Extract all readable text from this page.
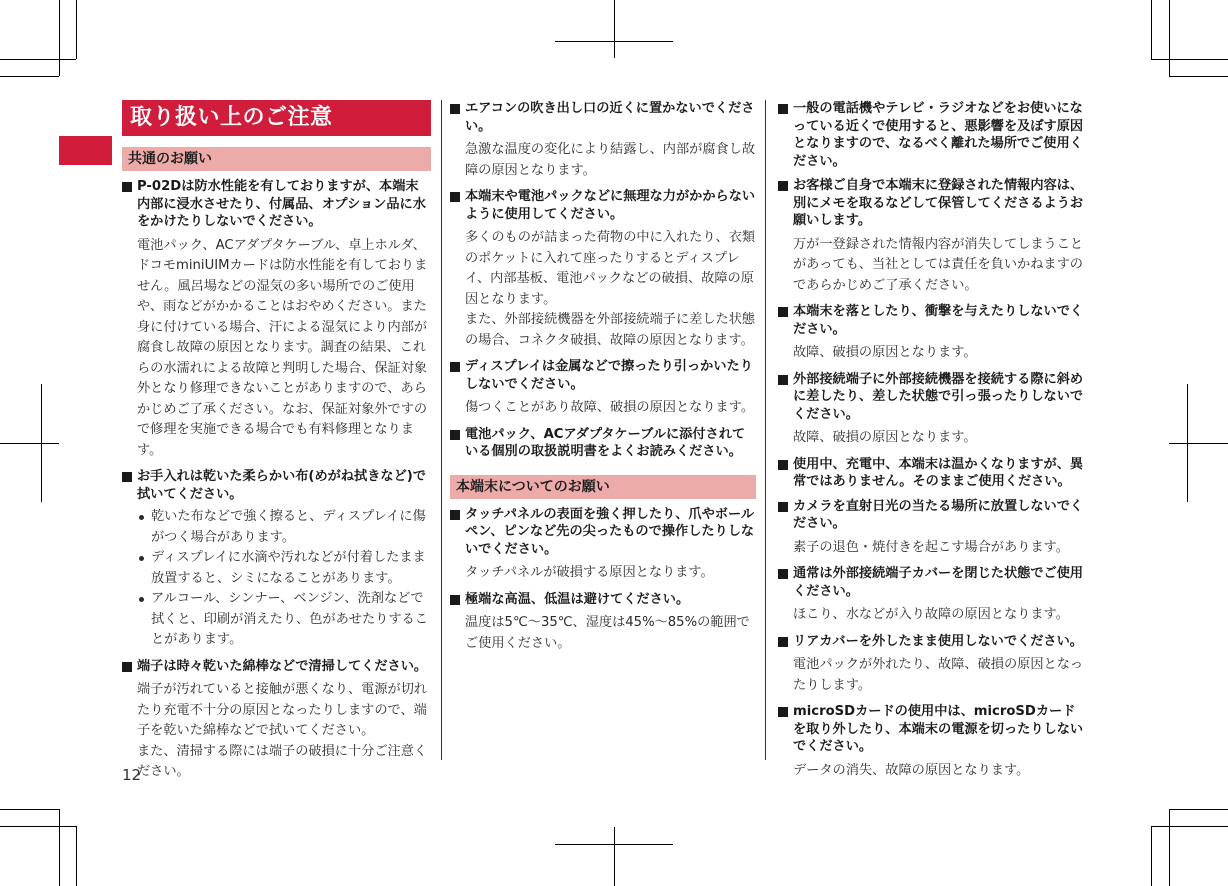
取り扱い上のご注意
共通のお願い
P-02Dは防水性能を有しておりますが、本端末内部に浸水させたり、付属品、オプション品に水をかけたりしないでください。
電池パック、ACアダプタケーブル、卓上ホルダ、ドコモminiUIMカードは防水性能を有しておりません。風呂場などの湿気の多い場所でのご使用や、雨などがかかることはおやめください。また身に付けている場合、汗による湿気により内部が腐食し故障の原因となります。調査の結果、これらの水濡れによる故障と判明した場合、保証対象外となり修理できないことがありますので、あらかじめご了承ください。なお、保証対象外ですので修理を実施できる場合でも有料修理となります。
お手入れは乾いた柔らかい布(めがね拭きなど)で拭いてください。
乾いた布などで強く擦ると、ディスプレイに傷がつく場合があります。
ディスプレイに水滴や汚れなどが付着したまま放置すると、シミになることがあります。
アルコール、シンナー、ベンジン、洗剤などで拭くと、印刷が消えたり、色があせたりすることがあります。
端子は時々乾いた綿棒などで清掃してください。
端子が汚れていると接触が悪くなり、電源が切れたり充電不十分の原因となったりしますので、端子を乾いた綿棒などで拭いてください。
また、清掃する際には端子の破損に十分ご注意ください。
12
エアコンの吹き出し口の近くに置かないでください。
急激な温度の変化により結露し、内部が腐食し故障の原因となります。
本端末や電池パックなどに無理な力がかからないように使用してください。
多くのものが詰まった荷物の中に入れたり、衣類のポケットに入れて座ったりするとディスプレイ、内部基板、電池パックなどの破損、故障の原因となります。
また、外部接続機器を外部接続端子に差した状態の場合、コネクタ破損、故障の原因となります。
ディスプレイは金属などで擦ったり引っかいたりしないでください。
傷つくことがあり故障、破損の原因となります。
電池パック、ACアダプタケーブルに添付されている個別の取扱説明書をよくお読みください。
本端末についてのお願い
タッチパネルの表面を強く押したり、爪やボールペン、ピンなど先の尖ったもので操作したりしないでください。
タッチパネルが破損する原因となります。
極端な高温、低温は避けてください。
温度は5℃～35℃、湿度は45%～85%の範囲でご使用ください。
一般の電話機やテレビ・ラジオなどをお使いになっている近くで使用すると、悪影響を及ぼす原因となりますので、なるべく離れた場所でご使用ください。
お客様ご自身で本端末に登録された情報内容は、別にメモを取るなどして保管してくださるようお願いします。
万が一登録された情報内容が消失してしまうことがあっても、当社としては責任を負いかねますのであらかじめご了承ください。
本端末を落としたり、衝撃を与えたりしないでください。
故障、破損の原因となります。
外部接続端子に外部接続機器を接続する際に斜めに差したり、差した状態で引っ張ったりしないでください。
故障、破損の原因となります。
使用中、充電中、本端末は温かくなりますが、異常ではありません。そのままご使用ください。
カメラを直射日光の当たる場所に放置しないでください。
素子の退色・焼付きを起こす場合があります。
通常は外部接続端子カバーを閉じた状態でご使用ください。
ほこり、水などが入り故障の原因となります。
リアカバーを外したまま使用しないでください。
電池パックが外れたり、故障、破損の原因となったりします。
microSDカードの使用中は、microSDカードを取り外したり、本端末の電源を切ったりしないでください。
データの消失、故障の原因となります。
